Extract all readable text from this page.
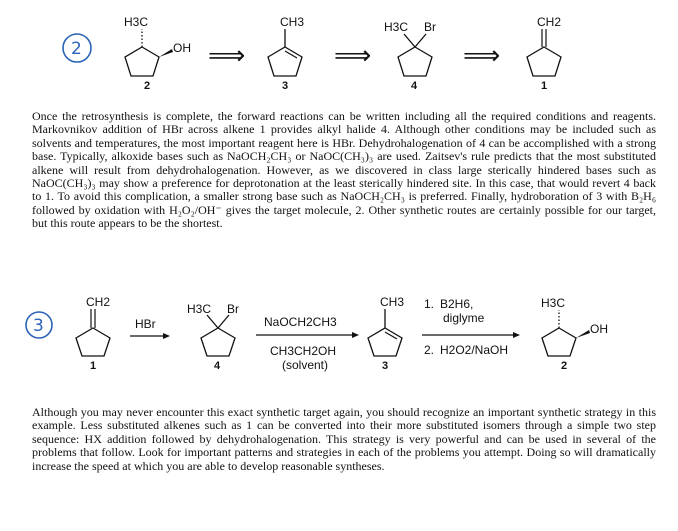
2
H3C
OH
2
⟹
CH3
3
⟹
H3C Br
4
⟹
CH2
1

Once the retrosynthesis is complete, the forward reactions can be written including all the required conditions and reagents. Markovnikov addition of HBr across alkene 1 provides alkyl halide 4. Although other conditions may be included such as solvents and temperatures, the most important reagent here is HBr. Dehydrohalogenation of 4 can be accomplished with a strong base. Typically, alkoxide bases such as NaOCH₂CH₃ or NaOC(CH₃)₃ are used. Zaitsev's rule predicts that the most substituted alkene will result from dehydrohalogenation. However, as we discovered in class large sterically hindered bases such as NaOC(CH₃)₃ may show a preference for deprotonation at the least sterically hindered site. In this case, that would revert 4 back to 1. To avoid this complication, a smaller strong base such as NaOCH₂CH₃ is preferred. Finally, hydroboration of 3 with B₂H₆ followed by oxidation with H₂O₂/OH⁻ gives the target molecule, 2. Other synthetic routes are certainly possible for our target, but this route appears to be the shortest.

3
CH2
1
HBr
H3C Br
4
NaOCH2CH3
CH3CH2OH
(solvent)
CH3
3
1. B2H6,
diglyme
2. H2O2/NaOH
H3C
OH
2

Although you may never encounter this exact synthetic target again, you should recognize an important synthetic strategy in this example. Less substituted alkenes such as 1 can be converted into their more substituted isomers through a simple two step sequence: HX addition followed by dehydrohalogenation. This strategy is very powerful and can be used in several of the problems that follow. Look for important patterns and strategies in each of the problems you attempt. Doing so will dramatically increase the speed at which you are able to develop reasonable syntheses.
